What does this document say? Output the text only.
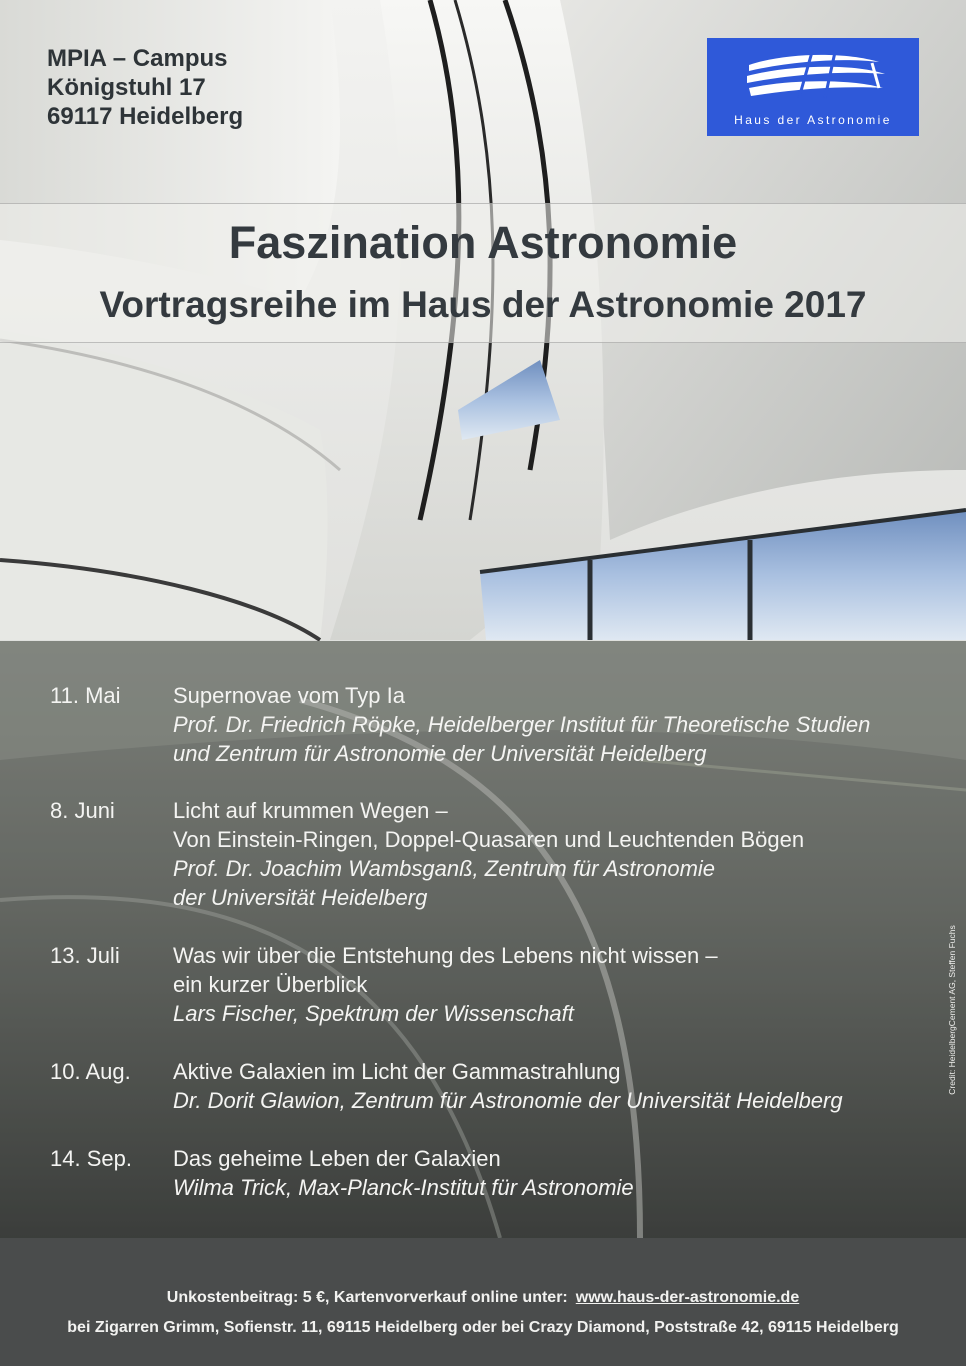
MPIA – Campus
Königstuhl 17
69117 Heidelberg	Haus der Astronomie
Faszination Astronomie
Vortragsreihe im Haus der Astronomie 2017
11. Mai Supernovae vom Typ Ia
Prof. Dr. Friedrich Röpke, Heidelberger Institut für Theoretische Studien
und Zentrum für Astronomie der Universität Heidelberg
8. Juni	Licht auf krummen Wegen –
Von Einstein-Ringen, Doppel-Quasaren und Leuchtenden Bögen
Prof. Dr. Joachim Wambsganß, Zentrum für Astronomie
der Universität Heidelberg
13. Juli Was wir über die Entstehung des Lebens nicht wissen –
ein kurzer Überblick
Lars Fischer, Spektrum der Wissenschaft
10. Aug. Aktive Galaxien im Licht der Gammastrahlung
Dr. Dorit Glawion, Zentrum für Astronomie der Universität Heidelberg
14. Sep. Das geheime Leben der Galaxien
Wilma Trick, Max-Planck-Institut für Astronomie
Credit: HeidelbergCement AG, Steffen Fuchs
Unkostenbeitrag: 5 €, Kartenvorverkauf online unter: www.haus-der-astronomie.de
bei Zigarren Grimm, Sofienstr. 11, 69115 Heidelberg oder bei Crazy Diamond, Poststraße 42, 69115 Heidelberg
